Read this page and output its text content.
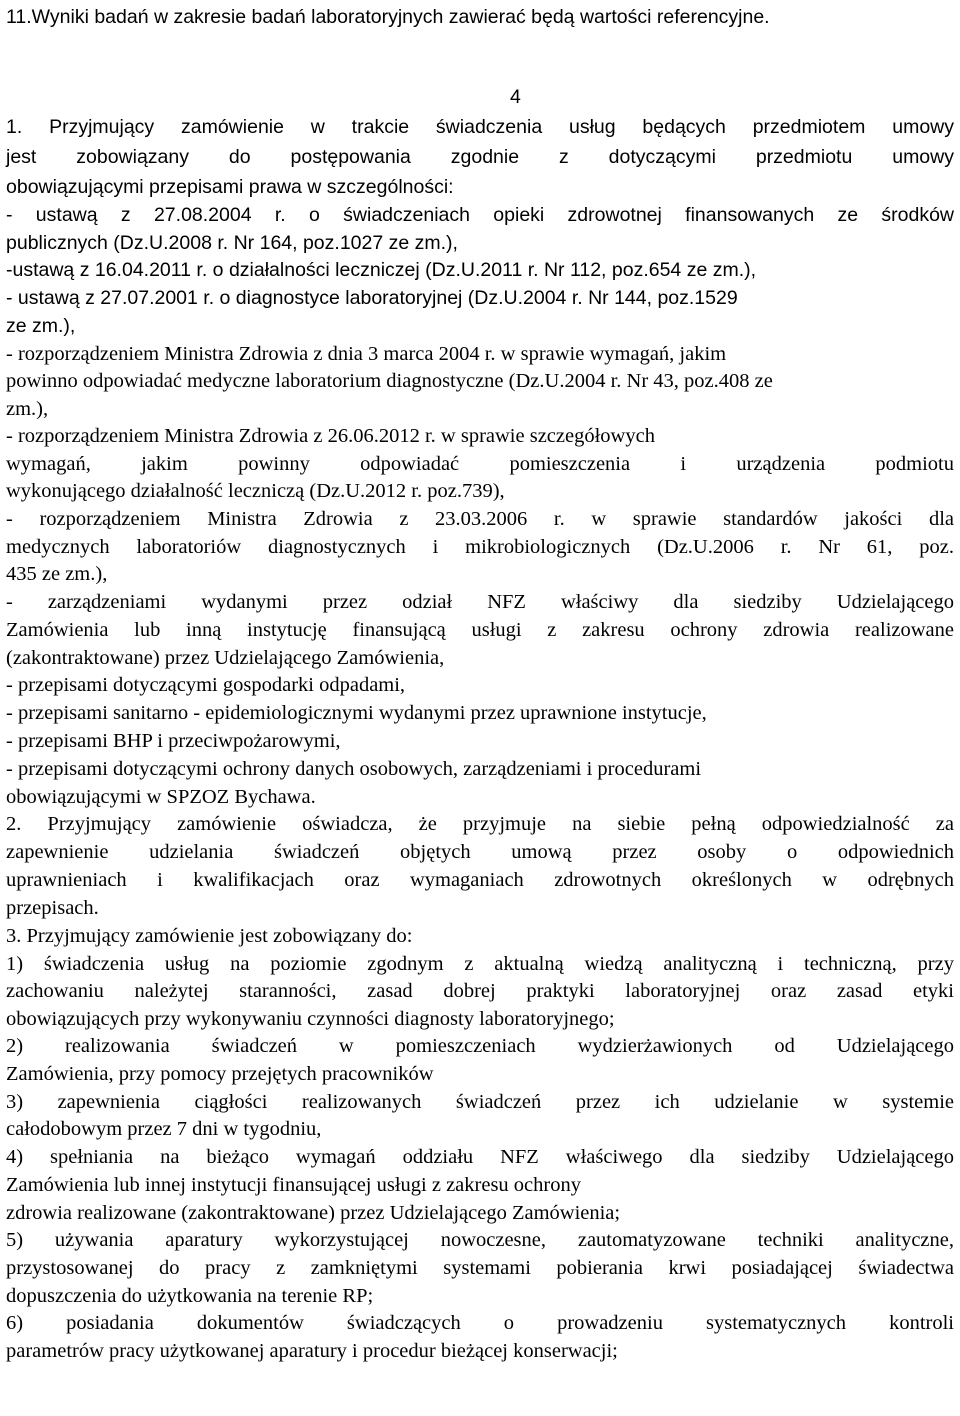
11.Wyniki badań w zakresie badań laboratoryjnych zawierać będą wartości referencyjne.
4
1. Przyjmujący zamówienie w trakcie świadczenia usług będących przedmiotem umowy
jest zobowiązany do postępowania zgodnie z dotyczącymi przedmiotu umowy
obowiązującymi przepisami prawa w szczególności:
- ustawą z 27.08.2004 r. o świadczeniach opieki zdrowotnej finansowanych ze środków
publicznych (Dz.U.2008 r. Nr 164, poz.1027 ze zm.),
-ustawą z 16.04.2011 r. o działalności leczniczej (Dz.U.2011 r. Nr 112, poz.654 ze zm.),
- ustawą z 27.07.2001 r. o diagnostyce laboratoryjnej (Dz.U.2004 r. Nr 144, poz.1529
ze zm.),
- rozporządzeniem Ministra Zdrowia z dnia 3 marca 2004 r. w sprawie wymagań, jakim
powinno odpowiadać medyczne laboratorium diagnostyczne (Dz.U.2004 r. Nr 43, poz.408 ze
zm.),
- rozporządzeniem Ministra Zdrowia z 26.06.2012 r. w sprawie szczegółowych
wymagań, jakim powinny odpowiadać pomieszczenia i urządzenia podmiotu
wykonującego działalność leczniczą (Dz.U.2012 r. poz.739),
- rozporządzeniem Ministra Zdrowia z 23.03.2006 r. w sprawie standardów jakości dla
medycznych laboratoriów diagnostycznych i mikrobiologicznych (Dz.U.2006 r. Nr 61, poz.
435 ze zm.),
- zarządzeniami wydanymi przez odział NFZ właściwy dla siedziby Udzielającego
Zamówienia lub inną instytucję finansującą usługi z zakresu ochrony zdrowia realizowane
(zakontraktowane) przez Udzielającego Zamówienia,
- przepisami dotyczącymi gospodarki odpadami,
- przepisami sanitarno - epidemiologicznymi wydanymi przez uprawnione instytucje,
- przepisami BHP i przeciwpożarowymi,
- przepisami dotyczącymi ochrony danych osobowych, zarządzeniami i procedurami
obowiązującymi w SPZOZ Bychawa.
2. Przyjmujący zamówienie oświadcza, że przyjmuje na siebie pełną odpowiedzialność za
zapewnienie udzielania świadczeń objętych umową przez osoby o odpowiednich
uprawnieniach i kwalifikacjach oraz wymaganiach zdrowotnych określonych w odrębnych
przepisach.
3. Przyjmujący zamówienie jest zobowiązany do:
1) świadczenia usług na poziomie zgodnym z aktualną wiedzą analityczną i techniczną, przy
zachowaniu należytej staranności, zasad dobrej praktyki laboratoryjnej oraz zasad etyki
obowiązujących przy wykonywaniu czynności diagnosty laboratoryjnego;
2) realizowania świadczeń w pomieszczeniach wydzierżawionych od Udzielającego
Zamówienia, przy pomocy przejętych pracowników
3) zapewnienia ciągłości realizowanych świadczeń przez ich udzielanie w systemie
całodobowym przez 7 dni w tygodniu,
4) spełniania na bieżąco wymagań oddziału NFZ właściwego dla siedziby Udzielającego
Zamówienia lub innej instytucji finansującej usługi z zakresu ochrony
zdrowia realizowane (zakontraktowane) przez Udzielającego Zamówienia;
5) używania aparatury wykorzystującej nowoczesne, zautomatyzowane techniki analityczne,
przystosowanej do pracy z zamkniętymi systemami pobierania krwi posiadającej świadectwa
dopuszczenia do użytkowania na terenie RP;
6) posiadania dokumentów świadczących o prowadzeniu systematycznych kontroli
parametrów pracy użytkowanej aparatury i procedur bieżącej konserwacji;
